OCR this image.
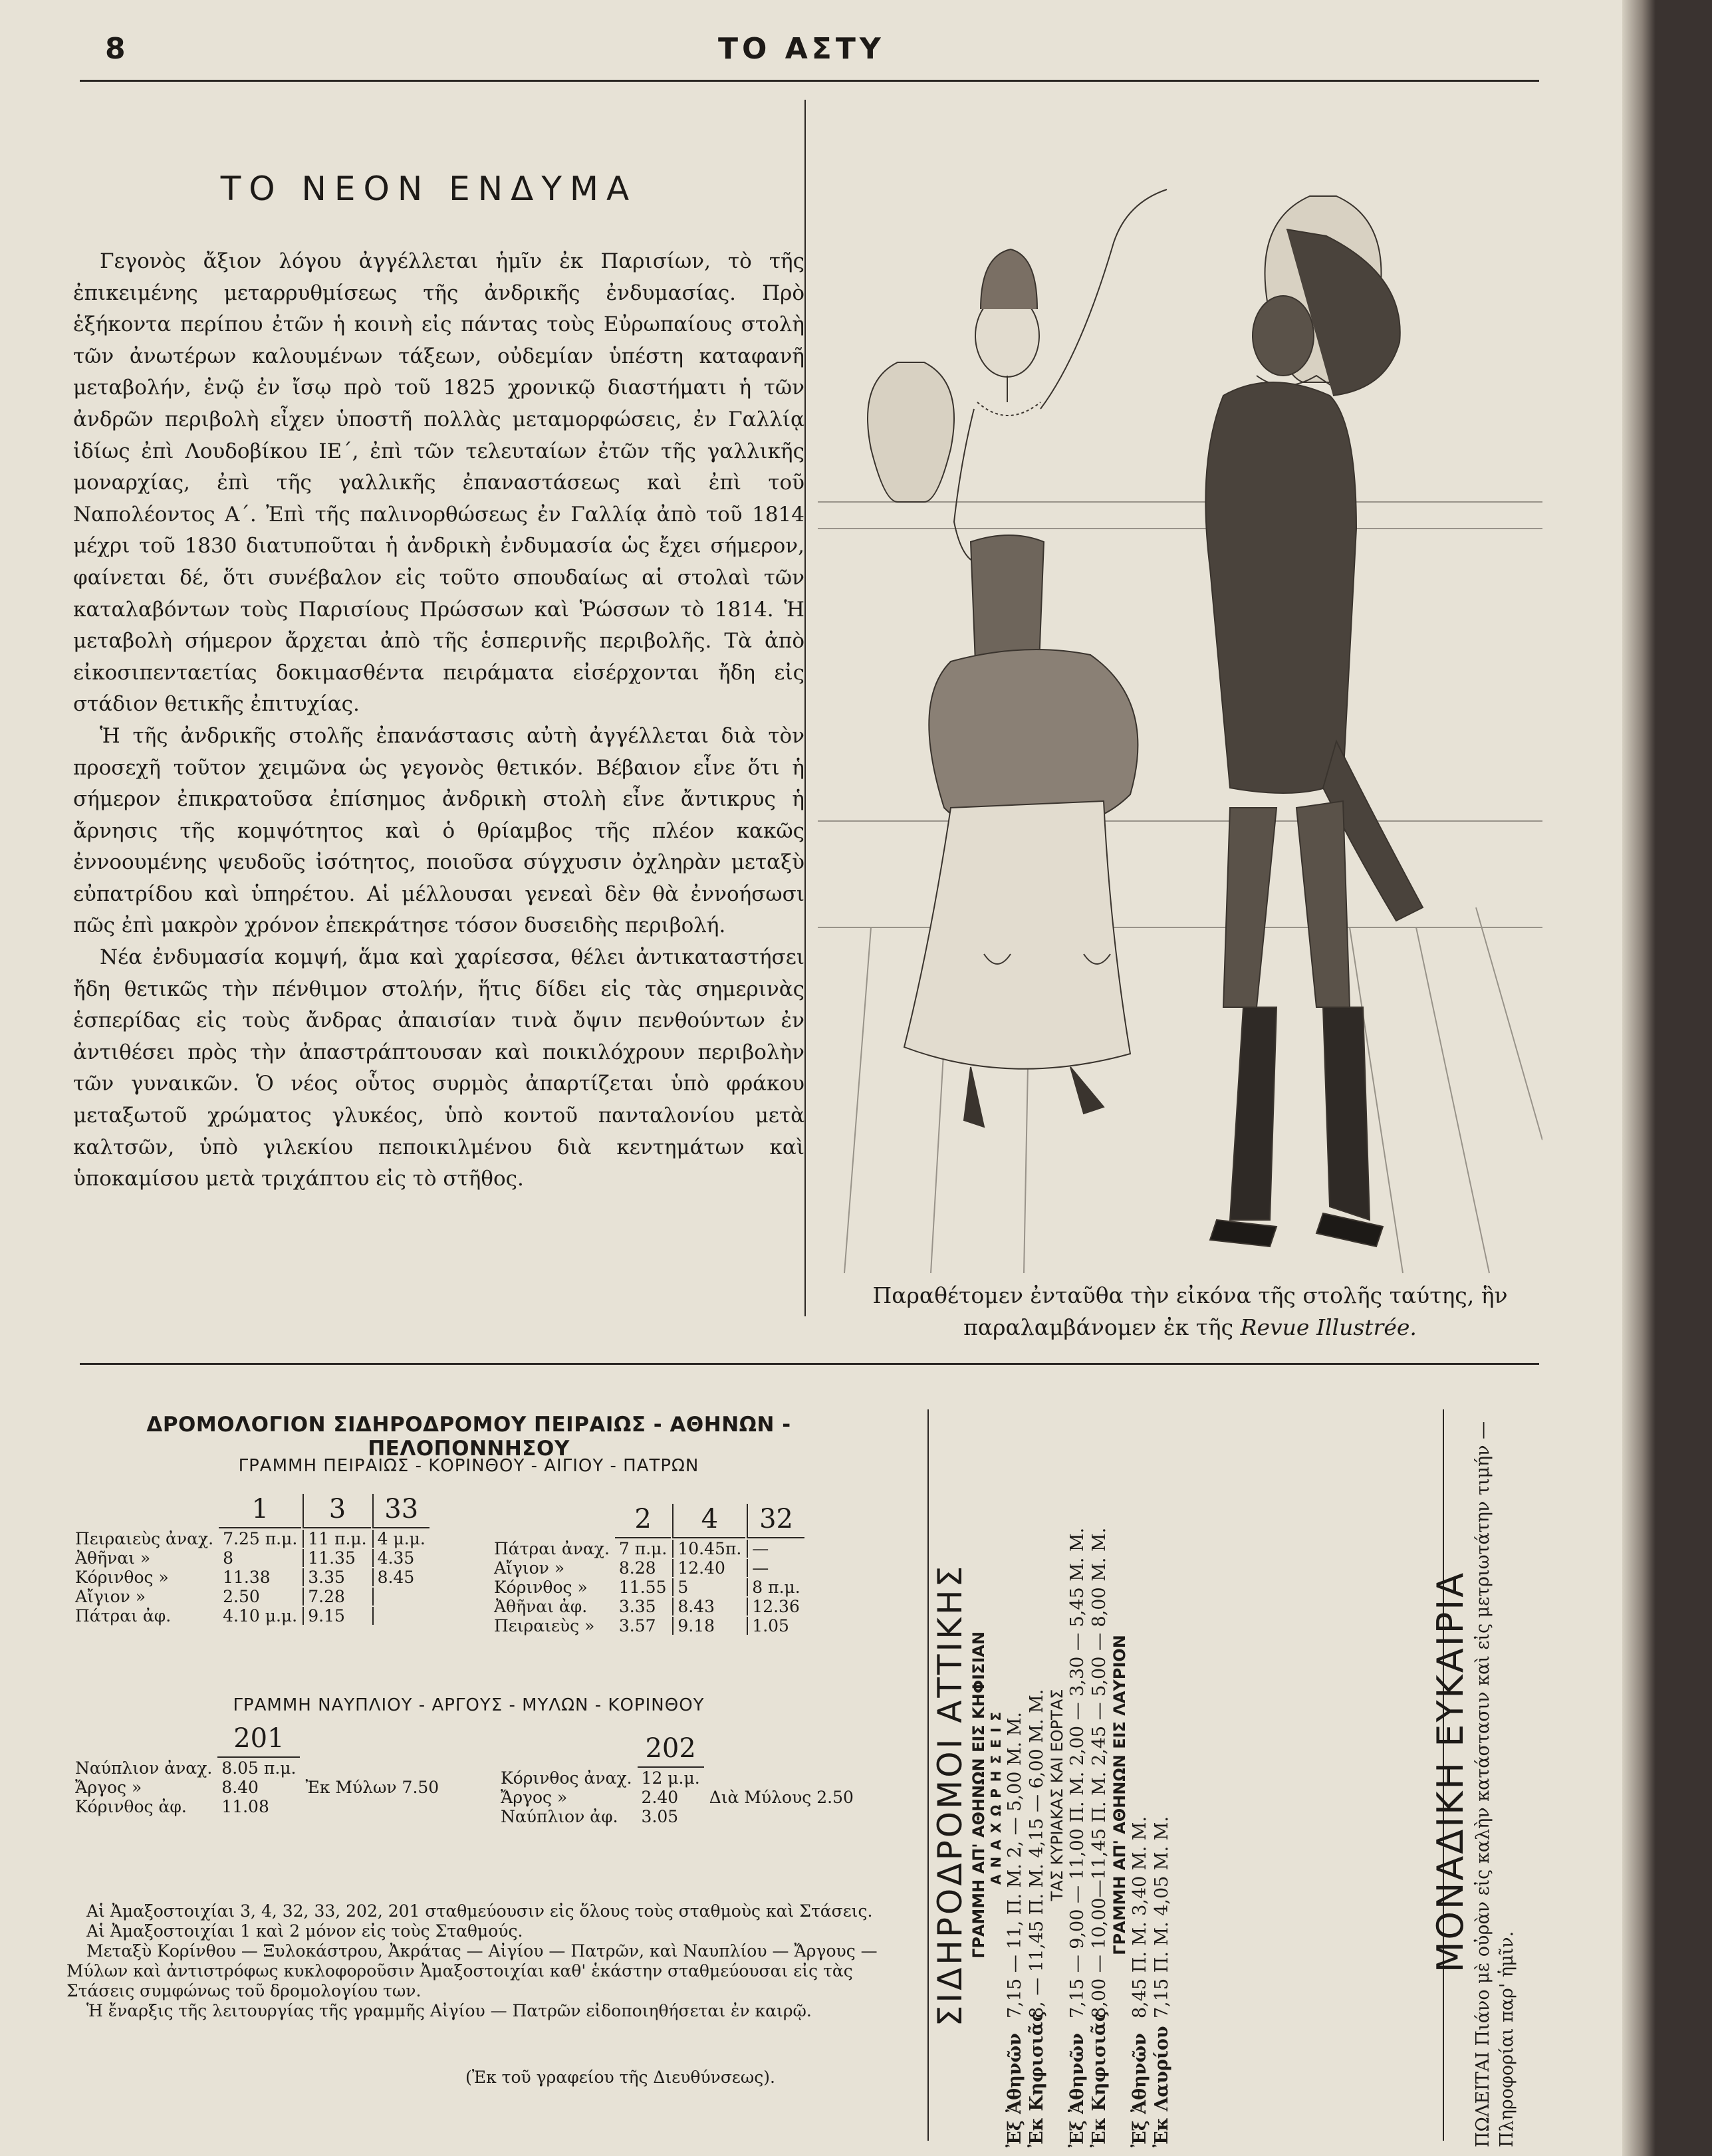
8	ΤΟ ΑΣΤΥ
ΤΟ ΝΕΟΝ ΕΝΔΥΜΑ

Γεγονὸς ἄξιον λόγου ἀγγέλλεται ἡμῖν ἐκ Παρισίων, τὸ τῆς ἐπικειμένης μεταρρυθμίσεως τῆς ἀνδρικῆς ἐνδυμασίας. Πρὸ ἑξήκοντα περίπου ἐτῶν ἡ κοινὴ εἰς πάντας τοὺς Εὐρωπαίους στολὴ τῶν ἀνωτέρων καλουμένων τάξεων, οὐδεμίαν ὑπέστη καταφανῆ μεταβολήν, ἐνῷ ἐν ἴσῳ πρὸ τοῦ 1825 χρονικῷ διαστήματι ἡ τῶν ἀνδρῶν περιβολὴ εἶχεν ὑποστῆ πολλὰς μεταμορφώσεις, ἐν Γαλλίᾳ ἰδίως ἐπὶ Λουδοβίκου ΙΕ΄, ἐπὶ τῶν τελευταίων ἐτῶν τῆς γαλλικῆς μοναρχίας, ἐπὶ τῆς γαλλικῆς ἐπαναστάσεως καὶ ἐπὶ τοῦ Ναπολέοντος Α΄. Ἐπὶ τῆς παλινορθώσεως ἐν Γαλλίᾳ ἀπὸ τοῦ 1814 μέχρι τοῦ 1830 διατυποῦται ἡ ἀνδρικὴ ἐνδυμασία ὡς ἔχει σήμερον, φαίνεται δέ, ὅτι συνέβαλον εἰς τοῦτο σπουδαίως αἱ στολαὶ τῶν καταλαβόντων τοὺς Παρισίους Πρώσσων καὶ Ῥώσσων τὸ 1814. Ἡ μεταβολὴ σήμερον ἄρχεται ἀπὸ τῆς ἑσπερινῆς περιβολῆς. Τὰ ἀπὸ εἰκοσιπενταετίας δοκιμασθέντα πειράματα εἰσέρχονται ἤδη εἰς στάδιον θετικῆς ἐπιτυχίας.

Ἡ τῆς ἀνδρικῆς στολῆς ἐπανάστασις αὐτὴ ἀγγέλλεται διὰ τὸν προσεχῆ τοῦτον χειμῶνα ὡς γεγονὸς θετικόν. Βέβαιον εἶνε ὅτι ἡ σήμερον ἐπικρατοῦσα ἐπίσημος ἀνδρικὴ στολὴ εἶνε ἄντικρυς ἡ ἄρνησις τῆς κομψότητος καὶ ὁ θρίαμβος τῆς πλέον κακῶς ἐννοουμένης ψευδοῦς ἰσότητος, ποιοῦσα σύγχυσιν ὀχληρὰν μεταξὺ εὐπατρίδου καὶ ὑπηρέτου. Αἱ μέλλουσαι γενεαὶ δὲν θὰ ἐννοήσωσι πῶς ἐπὶ μακρὸν χρόνον ἐπεκράτησε τόσον δυσειδὴς περιβολή.

Νέα ἐνδυμασία κομψή, ἅμα καὶ χαρίεσσα, θέλει ἀντικαταστήσει ἤδη θετικῶς τὴν πένθιμον στολήν, ἥτις δίδει εἰς τὰς σημερινὰς ἑσπερίδας εἰς τοὺς ἄνδρας ἀπαισίαν τινὰ ὄψιν πενθούντων ἐν ἀντιθέσει πρὸς τὴν ἀπαστράπτουσαν καὶ ποικιλόχρουν περιβολὴν τῶν γυναικῶν. Ὁ νέος οὗτος συρμὸς ἀπαρτίζεται ὑπὸ φράκου μεταξωτοῦ χρώματος γλυκέος, ὑπὸ κοντοῦ πανταλονίου μετὰ καλτσῶν, ὑπὸ γιλεκίου πεποικιλμένου διὰ κεντημάτων καὶ ὑποκαμίσου μετὰ τριχάπτου εἰς τὸ στῆθος.

Παραθέτομεν ἐνταῦθα τὴν εἰκόνα τῆς στολῆς ταύτης, ἣν παραλαμβάνομεν ἐκ τῆς Revue Illustrée.
ΔΡΟΜΟΛΟΓΙΟΝ ΣΙΔΗΡΟΔΡΟΜΟΥ ΠΕΙΡΑΙΩΣ - ΑΘΗΝΩΝ - ΠΕΛΟΠΟΝΝΗΣΟΥ
ΓΡΑΜΜΗ ΠΕΙΡΑΙΩΣ - ΚΟΡΙΝΘΟΥ - ΑΙΓΙΟΥ - ΠΑΤΡΩΝ
	1	3	33
Πειραιεὺς ἀναχ.	7.25 π.μ.	11 π.μ.	4 μ.μ.
Ἀθῆναι »	8	11.35	4.35
Κόρινθος »	11.38	3.35	8.45
Αἴγιον »	2.50	7.28	
Πάτραι ἀφ.	4.10 μ.μ.	9.15	
	2	4	32
Πάτραι ἀναχ.	7 π.μ.	10.45π.	—
Αἴγιον »	8.28	12.40	—
Κόρινθος »	11.55	5	8 π.μ.
Ἀθῆναι ἀφ.	3.35	8.43	12.36
Πειραιεὺς »	3.57	9.18	1.05
ΓΡΑΜΜΗ ΝΑΥΠΛΙΟΥ - ΑΡΓΟΥΣ - ΜΥΛΩΝ - ΚΟΡΙΝΘΟΥ
	201	
Ναύπλιον ἀναχ.	8.05 π.μ.	
Ἄργος »	8.40	Ἐκ Μύλων 7.50
Κόρινθος ἀφ.	11.08	
	202	
Κόρινθος ἀναχ.	12 μ.μ.	
Ἄργος »	2.40	Διὰ Μύλους 2.50
Ναύπλιον ἀφ.	3.05	

Αἱ Ἀμαξοστοιχίαι 3, 4, 32, 33, 202, 201 σταθμεύουσιν εἰς ὅλους τοὺς σταθμοὺς καὶ Στάσεις.

Αἱ Ἀμαξοστοιχίαι 1 καὶ 2 μόνον εἰς τοὺς Σταθμούς.

Μεταξὺ Κορίνθου — Ξυλοκάστρου, Ἀκράτας — Αἰγίου — Πατρῶν, καὶ Ναυπλίου — Ἄργους — Μύλων καὶ ἀντιστρόφως κυκλοφοροῦσιν Ἀμαξοστοιχίαι καθ' ἑκάστην σταθμεύουσαι εἰς τὰς Στάσεις συμφώνως τοῦ δρομολογίου των.

Ἡ ἔναρξις τῆς λειτουργίας τῆς γραμμῆς Αἰγίου — Πατρῶν εἰδοποιηθήσεται ἐν καιρῷ.

(Ἐκ τοῦ γραφείου τῆς Διευθύνσεως).
ΣΙΔΗΡΟΔΡΟΜΟΙ ΑΤΤΙΚΗΣ ΓΡΑΜΜΗ ΑΠ' ΑΘΗΝΩΝ ΕΙΣ ΚΗΦΙΣΙΑΝ ΑΝΑΧΩΡΗΣΕΙΣ
Ἐξ Ἀθηνῶν
7,15 — 11, Π. Μ. 2, — 5,00 Μ. Μ.
Ἐκ Κηφισιᾶς
8, — 11,45 Π. Μ. 4,15 — 6,00 Μ. Μ. ΤΑΣ ΚΥΡΙΑΚΑΣ ΚΑΙ ΕΟΡΤΑΣ
Ἐξ Ἀθηνῶν
7,15 — 9,00 — 11,00 Π. Μ. 2,00 — 3,30 — 5,45 Μ. Μ.
Ἐκ Κηφισιᾶς
8,00 — 10,00—11,45 Π. Μ. 2,45 — 5,00 — 8,00 Μ. Μ. ΓΡΑΜΜΗ ΑΠ' ΑΘΗΝΩΝ ΕΙΣ ΛΑΥΡΙΟΝ
Ἐξ Ἀθηνῶν
8,45 Π. Μ. 3,40 Μ. Μ.
Ἐκ Λαυρίου
7,15 Π. Μ. 4,05 Μ. Μ.	ΜΟΝΑΔΙΚΗ ΕΥΚΑΙΡΙΑ ΠΩΛΕΙΤΑΙ Πιάνο μὲ οὐρὰν εἰς καλὴν κατάστασιν καὶ εἰς μετριωτάτην τιμήν — Πληροφορίαι παρ' ἡμῖν.
